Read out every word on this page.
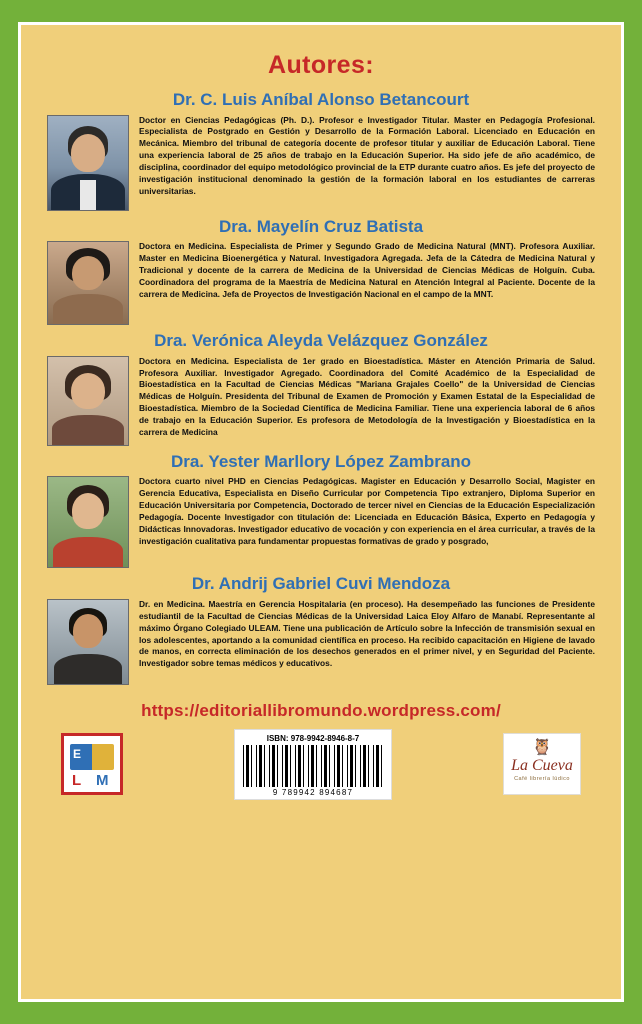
Autores:
Dr. C. Luis Aníbal Alonso Betancourt
Doctor en Ciencias Pedagógicas (Ph. D.). Profesor e Investigador Titular. Master en Pedagogía Profesional. Especialista de Postgrado en Gestión y Desarrollo de la Formación Laboral. Licenciado en Educación en Mecánica. Miembro del tribunal de categoría docente de profesor titular y auxiliar de Educación Laboral. Tiene una experiencia laboral de 25 años de trabajo en la Educación Superior. Ha sido jefe de año académico, de disciplina, coordinador del equipo metodológico provincial de la ETP durante cuatro años. Es jefe del proyecto de investigación institucional denominado la gestión de la formación laboral en los estudiantes de carreras universitarias.
Dra. Mayelín Cruz Batista
Doctora en Medicina. Especialista de Primer y Segundo Grado de Medicina Natural (MNT). Profesora Auxiliar. Master en Medicina Bioenergética y Natural. Investigadora Agregada. Jefa de la Cátedra de Medicina Natural y Tradicional y docente de la carrera de Medicina de la Universidad de Ciencias Médicas de Holguín. Cuba. Coordinadora del programa de la Maestría de Medicina Natural en Atención Integral al Paciente. Docente de la carrera de Medicina. Jefa de Proyectos de Investigación Nacional en el campo de la MNT.
Dra. Verónica Aleyda Velázquez González
Doctora en Medicina. Especialista de 1er grado en Bioestadística. Máster en Atención Primaria de Salud. Profesora Auxiliar. Investigador Agregado. Coordinadora del Comité Académico de la Especialidad de Bioestadística en la Facultad de Ciencias Médicas "Mariana Grajales Coello" de la Universidad de Ciencias Médicas de Holguín. Presidenta del Tribunal de Examen de Promoción y Examen Estatal de la Especialidad de Bioestadística. Miembro de la Sociedad Científica de Medicina Familiar. Tiene una experiencia laboral de 6 años de trabajo en la Educación Superior. Es profesora de Metodología de la Investigación y Bioestadística en la carrera de Medicina
Dra. Yester Marllory López Zambrano
Doctora cuarto nivel PHD en Ciencias Pedagógicas. Magister en Educación y Desarrollo Social, Magister en Gerencia Educativa, Especialista en Diseño Curricular por Competencia Tipo extranjero, Diploma Superior en Educación Universitaria por Competencia, Doctorado de tercer nivel en Ciencias de la Educación Especialización Pedagogía. Docente Investigador con titulación de: Licenciada en Educación Básica, Experto en Pedagogía y Didácticas Innovadoras. Investigador educativo de vocación y con experiencia en el área curricular, a través de la investigación cualitativa para fundamentar propuestas formativas de grado y posgrado,
Dr. Andrij Gabriel Cuvi Mendoza
Dr. en Medicina. Maestría en Gerencia Hospitalaria (en proceso). Ha desempeñado las funciones de Presidente estudiantil de la Facultad de Ciencias Médicas de la Universidad Laica Eloy Alfaro de Manabí. Representante al máximo Órgano Colegiado ULEAM. Tiene una publicación de Artículo sobre la Infección de transmisión sexual en los adolescentes, aportando a la comunidad científica en proceso. Ha recibido capacitación en Higiene de lavado de manos, en correcta eliminación de los desechos generados en el primer nivel, y en Seguridad del Paciente. Investigador sobre temas médicos y educativos.
https://editoriallibromundo.wordpress.com/
E
L M
ISBN: 978-9942-8946-8-7
9 789942 894687
🦉
La Cueva
Café librería lúdico
